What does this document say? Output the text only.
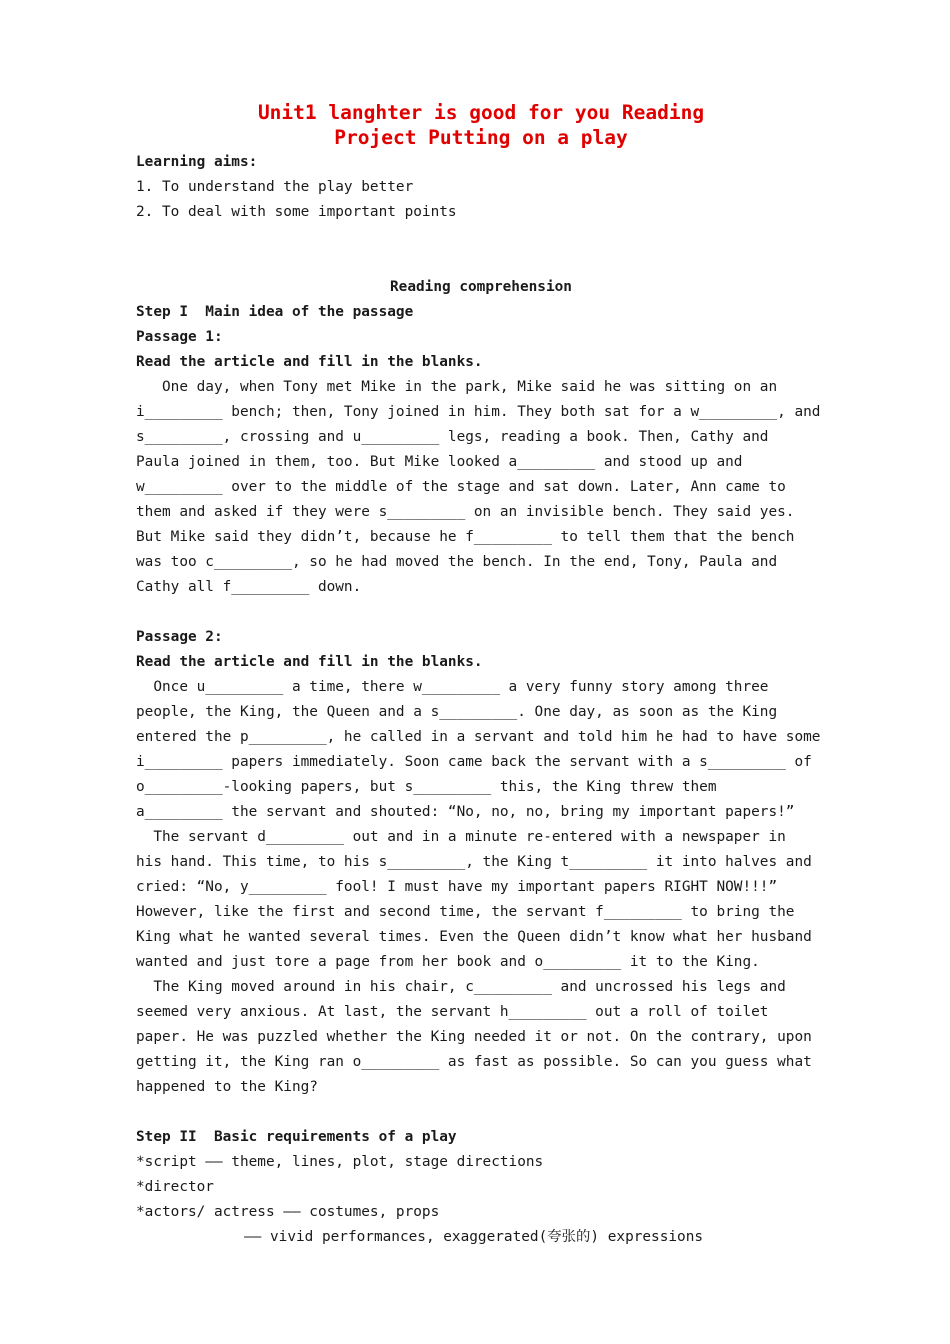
Unit1 langhter is good for you Reading
Project Putting on a play
Learning aims:
1. To understand the play better
2. To deal with some important points
Reading comprehension
Step I  Main idea of the passage
Passage 1:
Read the article and fill in the blanks.
One day, when Tony met Mike in the park, Mike said he was sitting on an
i_________ bench; then, Tony joined in him. They both sat for a w_________, and
s_________, crossing and u_________ legs, reading a book. Then, Cathy and
Paula joined in them, too. But Mike looked a_________ and stood up and
w_________ over to the middle of the stage and sat down. Later, Ann came to
them and asked if they were s_________ on an invisible bench. They said yes.
But Mike said they didn’t, because he f_________ to tell them that the bench
was too c_________, so he had moved the bench. In the end, Tony, Paula and
Cathy all f_________ down.
Passage 2:
Read the article and fill in the blanks.
Once u_________ a time, there w_________ a very funny story among three
people, the King, the Queen and a s_________. One day, as soon as the King
entered the p_________, he called in a servant and told him he had to have some
i_________ papers immediately. Soon came back the servant with a s_________ of
o_________-looking papers, but s_________ this, the King threw them
a_________ the servant and shouted: “No, no, no, bring my important papers!”
The servant d_________ out and in a minute re-entered with a newspaper in
his hand. This time, to his s_________, the King t_________ it into halves and
cried: “No, y_________ fool! I must have my important papers RIGHT NOW!!!”
However, like the first and second time, the servant f_________ to bring the
King what he wanted several times. Even the Queen didn’t know what her husband
wanted and just tore a page from her book and o_________ it to the King.
The King moved around in his chair, c_________ and uncrossed his legs and
seemed very anxious. At last, the servant h_________ out a roll of toilet
paper. He was puzzled whether the King needed it or not. On the contrary, upon
getting it, the King ran o_________ as fast as possible. So can you guess what
happened to the King?
Step II  Basic requirements of a play
*script —— theme, lines, plot, stage directions
*director
*actors/ actress —— costumes, props
—— vivid performances, exaggerated(夸张的) expressions
